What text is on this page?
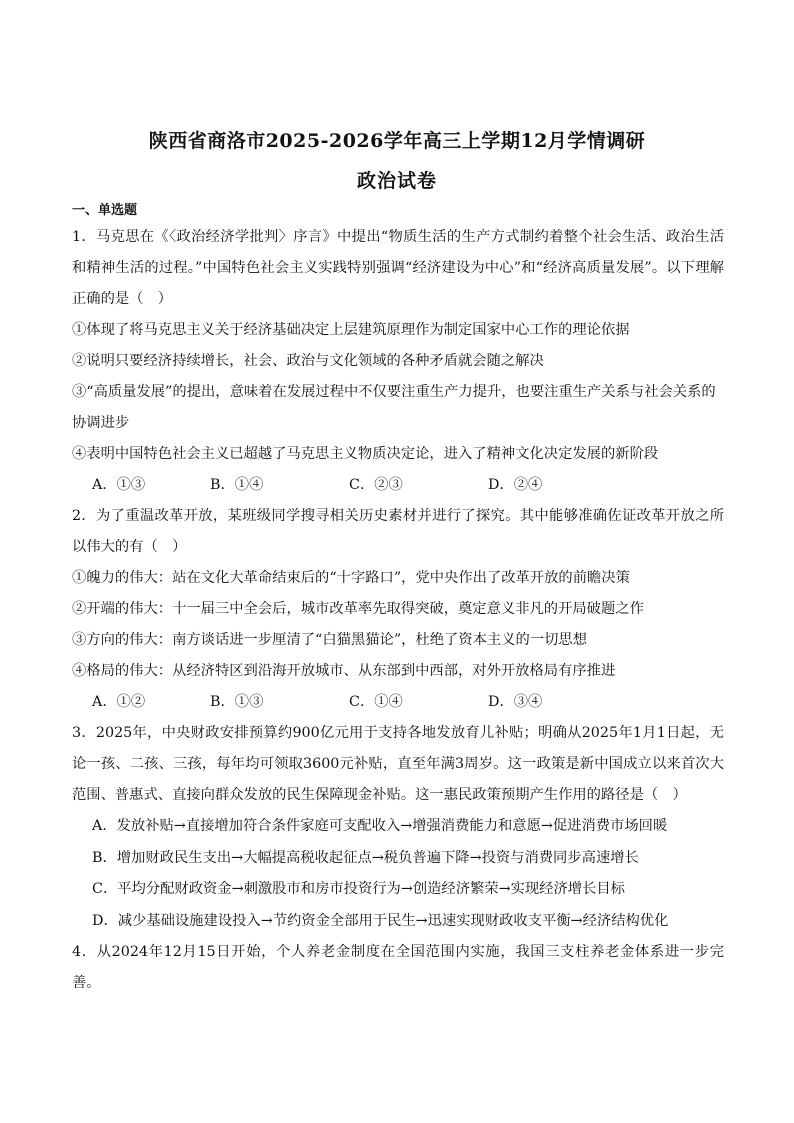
陕西省商洛市2025-2026学年高三上学期12月学情调研
政治试卷
一、单选题
1．马克思在《〈政治经济学批判〉序言》中提出“物质生活的生产方式制约着整个社会生活、政治生活和精神生活的过程。”中国特色社会主义实践特别强调“经济建设为中心”和“经济高质量发展”。以下理解正确的是（　）
①体现了将马克思主义关于经济基础决定上层建筑原理作为制定国家中心工作的理论依据
②说明只要经济持续增长，社会、政治与文化领域的各种矛盾就会随之解决
③“高质量发展”的提出，意味着在发展过程中不仅要注重生产力提升，也要注重生产关系与社会关系的协调进步
④表明中国特色社会主义已超越了马克思主义物质决定论，进入了精神文化决定发展的新阶段
A．①③	B．①④	C．②③	D．②④
2．为了重温改革开放，某班级同学搜寻相关历史素材并进行了探究。其中能够准确佐证改革开放之所以伟大的有（　）
①魄力的伟大：站在文化大革命结束后的“十字路口”，党中央作出了改革开放的前瞻决策
②开端的伟大：十一届三中全会后，城市改革率先取得突破，奠定意义非凡的开局破题之作
③方向的伟大：南方谈话进一步厘清了“白猫黑猫论”，杜绝了资本主义的一切思想
④格局的伟大：从经济特区到沿海开放城市、从东部到中西部，对外开放格局有序推进
A．①②	B．①③	C．①④	D．③④
3．2025年，中央财政安排预算约900亿元用于支持各地发放育儿补贴；明确从2025年1月1日起，无论一孩、二孩、三孩，每年均可领取3600元补贴，直至年满3周岁。这一政策是新中国成立以来首次大范围、普惠式、直接向群众发放的民生保障现金补贴。这一惠民政策预期产生作用的路径是（　）
A．发放补贴→直接增加符合条件家庭可支配收入→增强消费能力和意愿→促进消费市场回暖
B．增加财政民生支出→大幅提高税收起征点→税负普遍下降→投资与消费同步高速增长
C．平均分配财政资金→刺激股市和房市投资行为→创造经济繁荣→实现经济增长目标
D．减少基础设施建设投入→节约资金全部用于民生→迅速实现财政收支平衡→经济结构优化
4．从2024年12月15日开始，个人养老金制度在全国范围内实施，我国三支柱养老金体系进一步完善。
